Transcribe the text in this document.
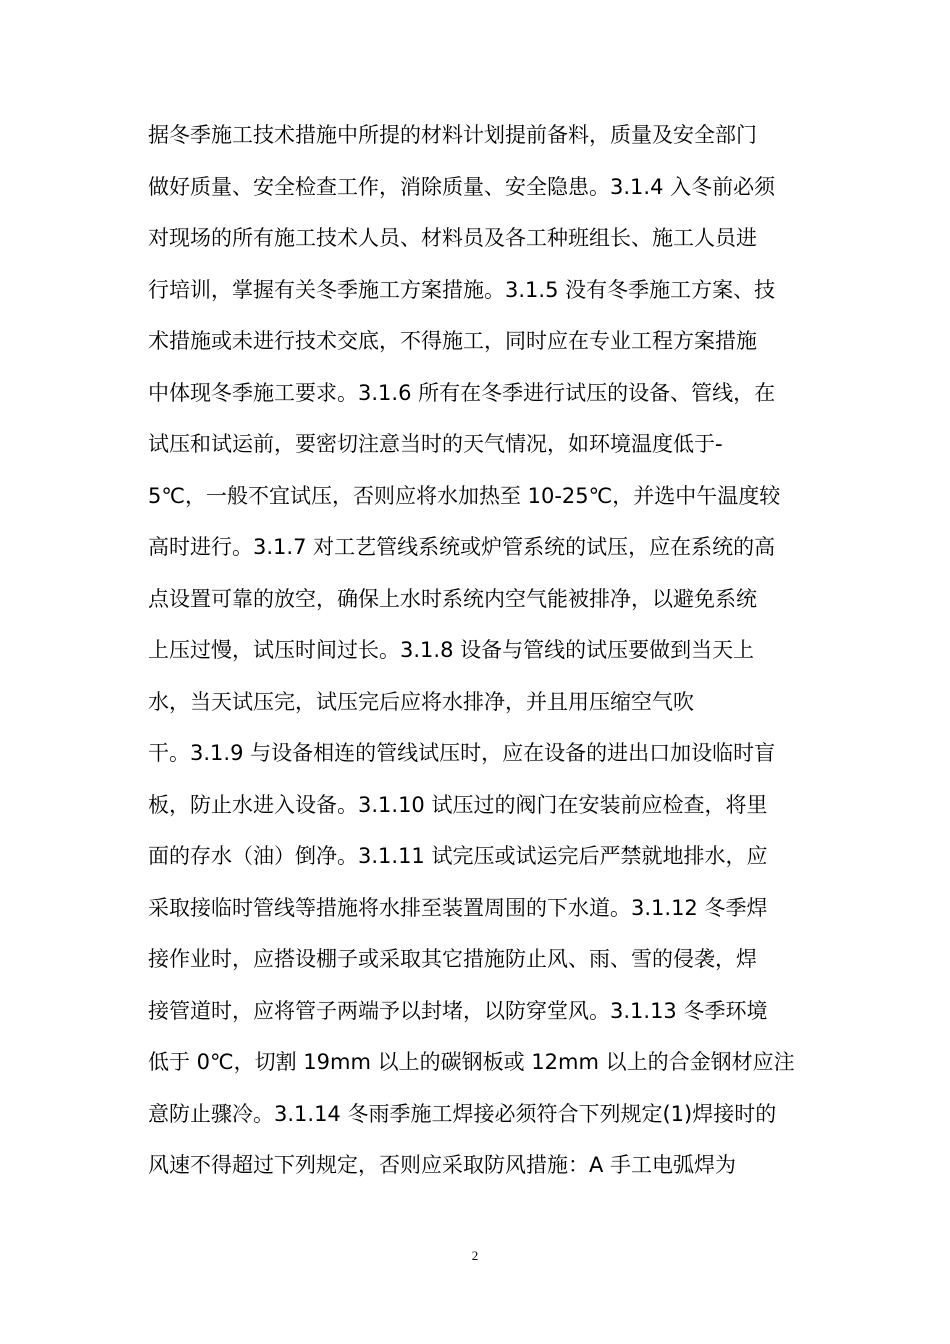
据冬季施工技术措施中所提的材料计划提前备料，质量及安全部门
做好质量、安全检查工作，消除质量、安全隐患。3.1.4 入冬前必须
对现场的所有施工技术人员、材料员及各工种班组长、施工人员进
行培训，掌握有关冬季施工方案措施。3.1.5 没有冬季施工方案、技
术措施或未进行技术交底，不得施工，同时应在专业工程方案措施
中体现冬季施工要求。3.1.6 所有在冬季进行试压的设备、管线，在
试压和试运前，要密切注意当时的天气情况，如环境温度低于-
5℃，一般不宜试压，否则应将水加热至 10-25℃，并选中午温度较
高时进行。3.1.7 对工艺管线系统或炉管系统的试压，应在系统的高
点设置可靠的放空，确保上水时系统内空气能被排净，以避免系统
上压过慢，试压时间过长。3.1.8 设备与管线的试压要做到当天上
水，当天试压完，试压完后应将水排净，并且用压缩空气吹
干。3.1.9 与设备相连的管线试压时，应在设备的进出口加设临时盲
板，防止水进入设备。3.1.10 试压过的阀门在安装前应检查，将里
面的存水（油）倒净。3.1.11 试完压或试运完后严禁就地排水，应
采取接临时管线等措施将水排至装置周围的下水道。3.1.12 冬季焊
接作业时，应搭设棚子或采取其它措施防止风、雨、雪的侵袭，焊
接管道时，应将管子两端予以封堵，以防穿堂风。3.1.13 冬季环境
低于 0℃，切割 19mm 以上的碳钢板或 12mm 以上的合金钢材应注
意防止骤冷。3.1.14 冬雨季施工焊接必须符合下列规定(1)焊接时的
风速不得超过下列规定，否则应采取防风措施：A 手工电弧焊为
2
